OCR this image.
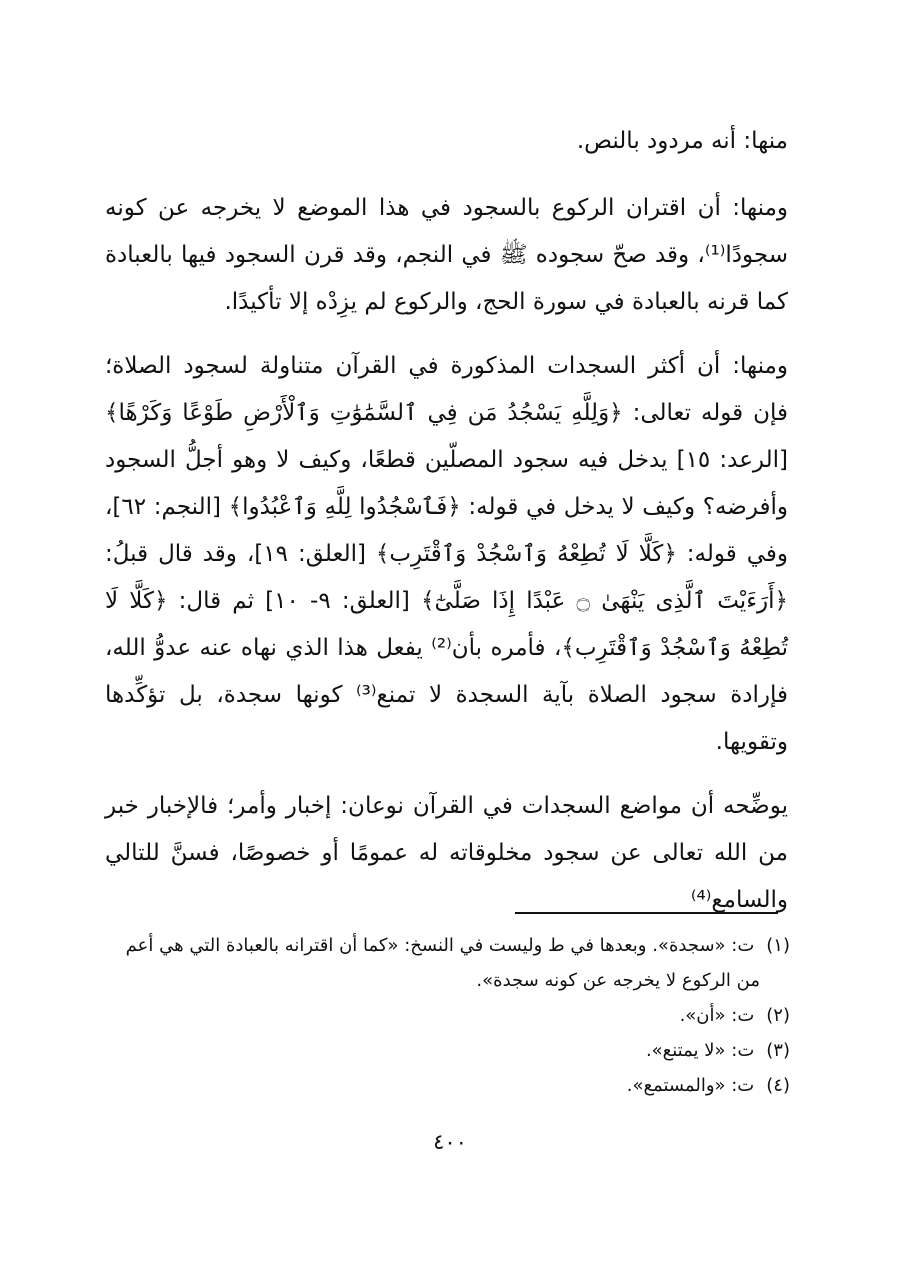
منها: أنه مردود بالنص.

ومنها: أن اقتران الركوع بالسجود في هذا الموضع لا يخرجه عن كونه سجودًا⁽¹⁾، وقد صحّ سجوده ﷺ في النجم، وقد قرن السجود فيها بالعبادة كما قرنه بالعبادة في سورة الحج، والركوع لم يزِدْه إلا تأكيدًا.

ومنها: أن أكثر السجدات المذكورة في القرآن متناولة لسجود الصلاة؛ فإن قوله تعالى: ﴿وَلِلَّهِ يَسْجُدُ مَن فِي ٱلسَّمَٰوَٰتِ وَٱلْأَرْضِ طَوْعًا وَكَرْهًا﴾ [الرعد: ١٥] يدخل فيه سجود المصلّين قطعًا، وكيف لا وهو أجلُّ السجود وأفرضه؟ وكيف لا يدخل في قوله: ﴿فَٱسْجُدُوا لِلَّهِ وَٱعْبُدُوا﴾ [النجم: ٦٢]، وفي قوله: ﴿كَلَّا لَا تُطِعْهُ وَٱسْجُدْ وَٱقْتَرِب﴾ [العلق: ١٩]، وقد قال قبلُ: ﴿أَرَءَيْتَ ٱلَّذِى يَنْهَىٰ ۝ عَبْدًا إِذَا صَلَّىٰٓ﴾ [العلق: ٩- ١٠] ثم قال: ﴿كَلَّا لَا تُطِعْهُ وَٱسْجُدْ وَٱقْتَرِب﴾، فأمره بأن⁽²⁾ يفعل هذا الذي نهاه عنه عدوُّ الله، فإرادة سجود الصلاة بآية السجدة لا تمنع⁽³⁾ كونها سجدة، بل تؤكِّدها وتقويها.

يوضِّحه أن مواضع السجدات في القرآن نوعان: إخبار وأمر؛ فالإخبار خبر من الله تعالى عن سجود مخلوقاته له عمومًا أو خصوصًا، فسنَّ للتالي والسامع⁽⁴⁾

(١) ت: «سجدة». وبعدها في ط وليست في النسخ: «كما أن اقترانه بالعبادة التي هي أعم

من الركوع لا يخرجه عن كونه سجدة».

(٢) ت: «أن».

(٣) ت: «لا يمتنع».

(٤) ت: «والمستمع».

٤٠٠
